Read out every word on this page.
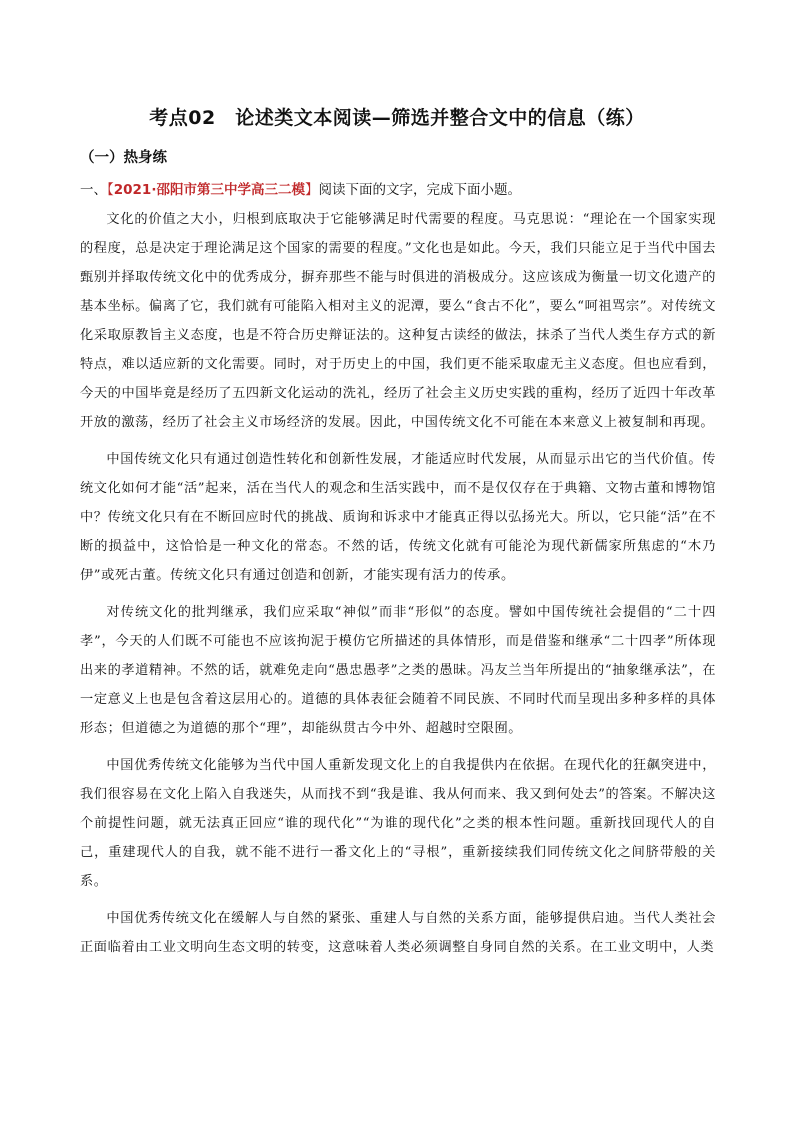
考点02　论述类文本阅读—筛选并整合文中的信息（练）
（一）热身练

一、【2021·邵阳市第三中学高三二模】阅读下面的文字，完成下面小题。

文化的价值之大小，归根到底取决于它能够满足时代需要的程度。马克思说：“理论在一个国家实现的程度，总是决定于理论满足这个国家的需要的程度。”文化也是如此。今天，我们只能立足于当代中国去甄别并择取传统文化中的优秀成分，摒弃那些不能与时俱进的消极成分。这应该成为衡量一切文化遗产的基本坐标。偏离了它，我们就有可能陷入相对主义的泥潭，要么“食古不化”，要么“呵祖骂宗”。对传统文化采取原教旨主义态度，也是不符合历史辩证法的。这种复古读经的做法，抹杀了当代人类生存方式的新特点，难以适应新的文化需要。同时，对于历史上的中国，我们更不能采取虚无主义态度。但也应看到，今天的中国毕竟是经历了五四新文化运动的洗礼，经历了社会主义历史实践的重构，经历了近四十年改革开放的激荡，经历了社会主义市场经济的发展。因此，中国传统文化不可能在本来意义上被复制和再现。

中国传统文化只有通过创造性转化和创新性发展，才能适应时代发展，从而显示出它的当代价值。传统文化如何才能“活”起来，活在当代人的观念和生活实践中，而不是仅仅存在于典籍、文物古董和博物馆中？传统文化只有在不断回应时代的挑战、质询和诉求中才能真正得以弘扬光大。所以，它只能“活”在不断的损益中，这恰恰是一种文化的常态。不然的话，传统文化就有可能沦为现代新儒家所焦虑的“木乃伊”或死古董。传统文化只有通过创造和创新，才能实现有活力的传承。

对传统文化的批判继承，我们应采取“神似”而非“形似”的态度。譬如中国传统社会提倡的“二十四孝”，今天的人们既不可能也不应该拘泥于模仿它所描述的具体情形，而是借鉴和继承“二十四孝”所体现出来的孝道精神。不然的话，就难免走向“愚忠愚孝”之类的愚昧。冯友兰当年所提出的“抽象继承法”，在一定意义上也是包含着这层用心的。道德的具体表征会随着不同民族、不同时代而呈现出多种多样的具体形态；但道德之为道德的那个“理”，却能纵贯古今中外、超越时空限囿。

中国优秀传统文化能够为当代中国人重新发现文化上的自我提供内在依据。在现代化的狂飙突进中，我们很容易在文化上陷入自我迷失，从而找不到“我是谁、我从何而来、我又到何处去”的答案。不解决这个前提性问题，就无法真正回应“谁的现代化”“为谁的现代化”之类的根本性问题。重新找回现代人的自己，重建现代人的自我，就不能不进行一番文化上的“寻根”，重新接续我们同传统文化之间脐带般的关系。

中国优秀传统文化在缓解人与自然的紧张、重建人与自然的关系方面，能够提供启迪。当代人类社会正面临着由工业文明向生态文明的转变，这意味着人类必须调整自身同自然的关系。在工业文明中，人类
